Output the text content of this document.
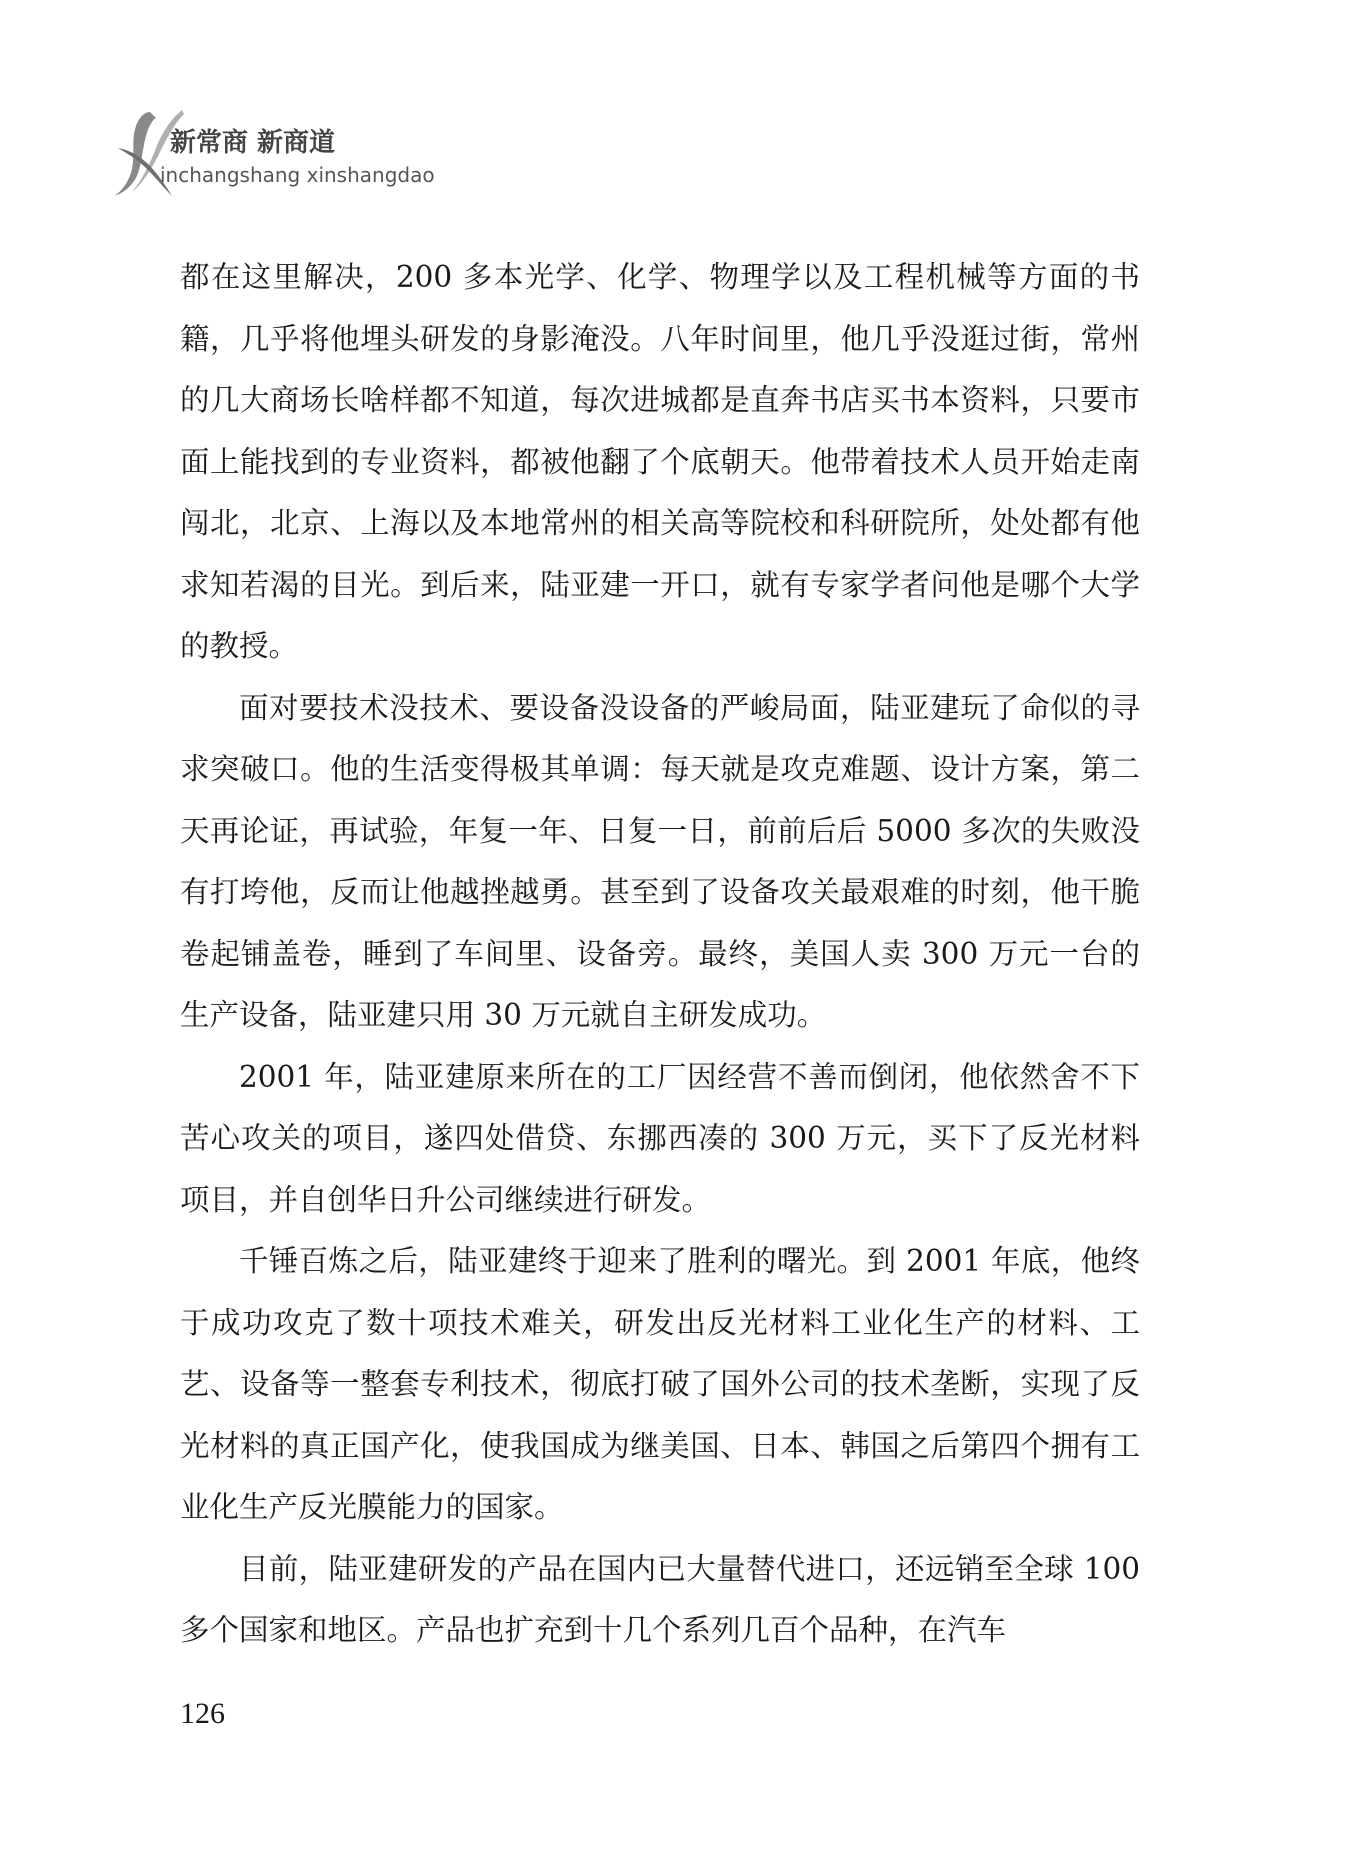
新常商 新商道
inchangshang xinshangdao

都在这里解决，200 多本光学、化学、物理学以及工程机械等方面的书籍，几乎将他埋头研发的身影淹没。八年时间里，他几乎没逛过街，常州的几大商场长啥样都不知道，每次进城都是直奔书店买书本资料，只要市面上能找到的专业资料，都被他翻了个底朝天。他带着技术人员开始走南闯北，北京、上海以及本地常州的相关高等院校和科研院所，处处都有他求知若渴的目光。到后来，陆亚建一开口，就有专家学者问他是哪个大学的教授。

面对要技术没技术、要设备没设备的严峻局面，陆亚建玩了命似的寻求突破口。他的生活变得极其单调：每天就是攻克难题、设计方案，第二天再论证，再试验，年复一年、日复一日，前前后后 5000 多次的失败没有打垮他，反而让他越挫越勇。甚至到了设备攻关最艰难的时刻，他干脆卷起铺盖卷，睡到了车间里、设备旁。最终，美国人卖 300 万元一台的生产设备，陆亚建只用 30 万元就自主研发成功。

2001 年，陆亚建原来所在的工厂因经营不善而倒闭，他依然舍不下苦心攻关的项目，遂四处借贷、东挪西凑的 300 万元，买下了反光材料项目，并自创华日升公司继续进行研发。

千锤百炼之后，陆亚建终于迎来了胜利的曙光。到 2001 年底，他终于成功攻克了数十项技术难关，研发出反光材料工业化生产的材料、工艺、设备等一整套专利技术，彻底打破了国外公司的技术垄断，实现了反光材料的真正国产化，使我国成为继美国、日本、韩国之后第四个拥有工业化生产反光膜能力的国家。

目前，陆亚建研发的产品在国内已大量替代进口，还远销至全球 100 多个国家和地区。产品也扩充到十几个系列几百个品种，在汽车

126
